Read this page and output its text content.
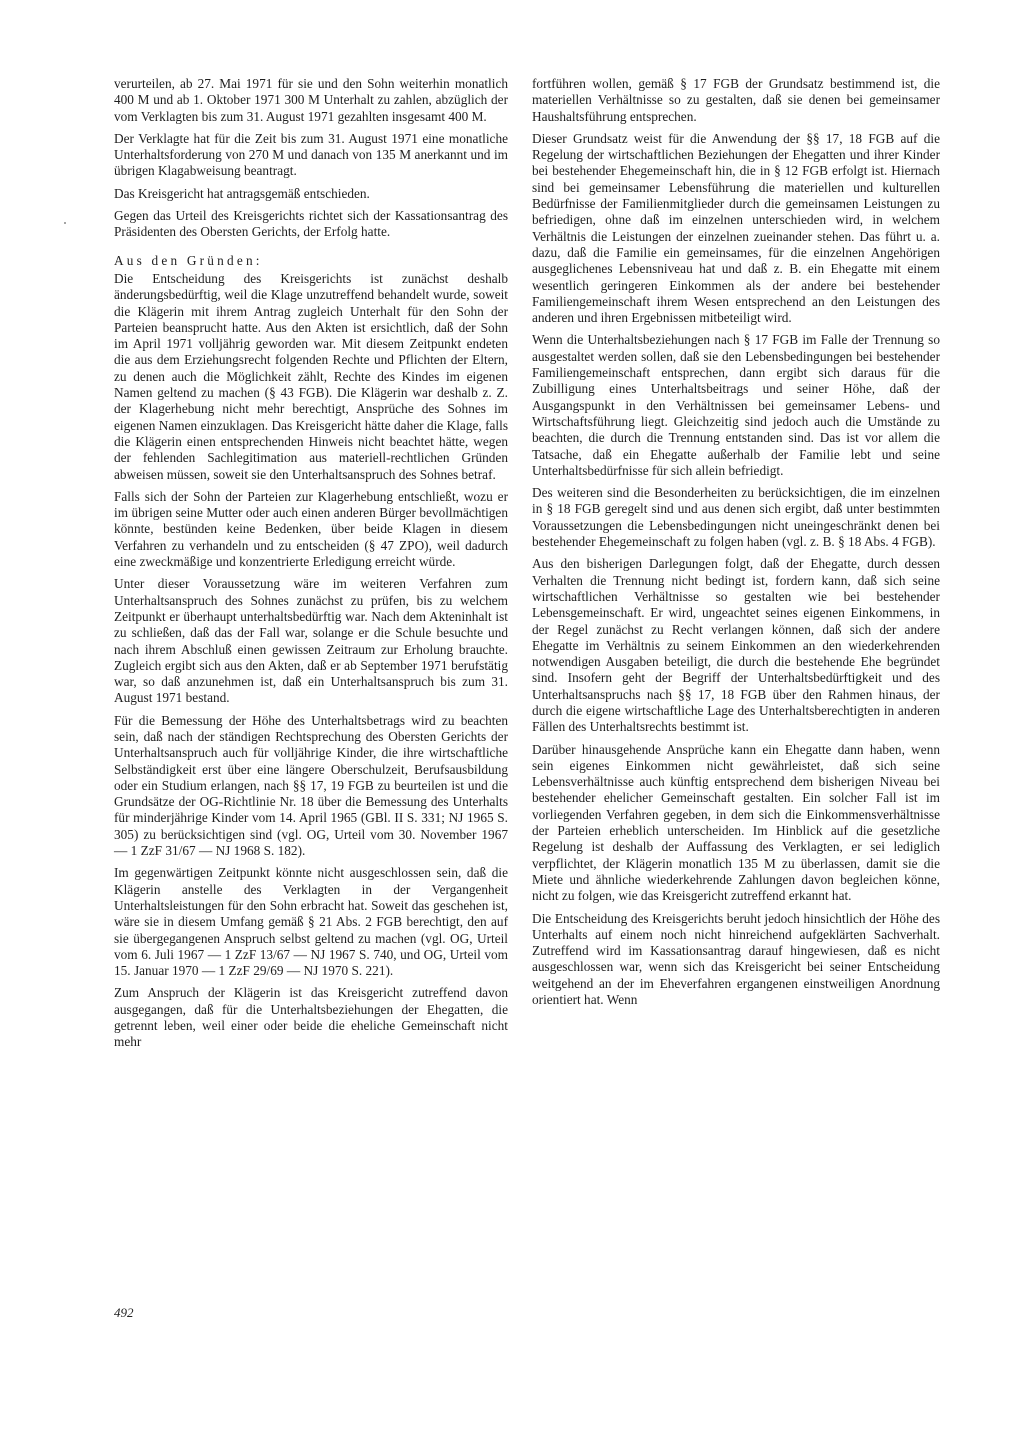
verurteilen, ab 27. Mai 1971 für sie und den Sohn weiterhin monatlich 400 M und ab 1. Oktober 1971 300 M Unterhalt zu zahlen, abzüglich der vom Verklagten bis zum 31. August 1971 gezahlten insgesamt 400 M.

Der Verklagte hat für die Zeit bis zum 31. August 1971 eine monatliche Unterhaltsforderung von 270 M und danach von 135 M anerkannt und im übrigen Klagabweisung beantragt.

Das Kreisgericht hat antragsgemäß entschieden.

Gegen das Urteil des Kreisgerichts richtet sich der Kassationsantrag des Präsidenten des Obersten Gerichts, der Erfolg hatte.

Aus den Gründen:

Die Entscheidung des Kreisgerichts ist zunächst deshalb änderungsbedürftig, weil die Klage unzutreffend behandelt wurde, soweit die Klägerin mit ihrem Antrag zugleich Unterhalt für den Sohn der Parteien beansprucht hatte. Aus den Akten ist ersichtlich, daß der Sohn im April 1971 volljährig geworden war. Mit diesem Zeitpunkt endeten die aus dem Erziehungsrecht folgenden Rechte und Pflichten der Eltern, zu denen auch die Möglichkeit zählt, Rechte des Kindes im eigenen Namen geltend zu machen (§ 43 FGB). Die Klägerin war deshalb z. Z. der Klagerhebung nicht mehr berechtigt, Ansprüche des Sohnes im eigenen Namen einzuklagen. Das Kreisgericht hätte daher die Klage, falls die Klägerin einen entsprechenden Hinweis nicht beachtet hätte, wegen der fehlenden Sachlegitimation aus materiell-rechtlichen Gründen abweisen müssen, soweit sie den Unterhaltsanspruch des Sohnes betraf.

Falls sich der Sohn der Parteien zur Klagerhebung entschließt, wozu er im übrigen seine Mutter oder auch einen anderen Bürger bevollmächtigen könnte, bestünden keine Bedenken, über beide Klagen in diesem Verfahren zu verhandeln und zu entscheiden (§ 47 ZPO), weil dadurch eine zweckmäßige und konzentrierte Erledigung erreicht würde.

Unter dieser Voraussetzung wäre im weiteren Verfahren zum Unterhaltsanspruch des Sohnes zunächst zu prüfen, bis zu welchem Zeitpunkt er überhaupt unterhaltsbedürftig war. Nach dem Akteninhalt ist zu schließen, daß das der Fall war, solange er die Schule besuchte und nach ihrem Abschluß einen gewissen Zeitraum zur Erholung brauchte. Zugleich ergibt sich aus den Akten, daß er ab September 1971 berufstätig war, so daß anzunehmen ist, daß ein Unterhaltsanspruch bis zum 31. August 1971 bestand.

Für die Bemessung der Höhe des Unterhaltsbetrags wird zu beachten sein, daß nach der ständigen Rechtsprechung des Obersten Gerichts der Unterhaltsanspruch auch für volljährige Kinder, die ihre wirtschaftliche Selbständigkeit erst über eine längere Oberschulzeit, Berufsausbildung oder ein Studium erlangen, nach §§ 17, 19 FGB zu beurteilen ist und die Grundsätze der OG-Richtlinie Nr. 18 über die Bemessung des Unterhalts für minderjährige Kinder vom 14. April 1965 (GBl. II S. 331; NJ 1965 S. 305) zu berücksichtigen sind (vgl. OG, Urteil vom 30. November 1967 — 1 ZzF 31/67 — NJ 1968 S. 182).

Im gegenwärtigen Zeitpunkt könnte nicht ausgeschlossen sein, daß die Klägerin anstelle des Verklagten in der Vergangenheit Unterhaltsleistungen für den Sohn erbracht hat. Soweit das geschehen ist, wäre sie in diesem Umfang gemäß § 21 Abs. 2 FGB berechtigt, den auf sie übergegangenen Anspruch selbst geltend zu machen (vgl. OG, Urteil vom 6. Juli 1967 — 1 ZzF 13/67 — NJ 1967 S. 740, und OG, Urteil vom 15. Januar 1970 — 1 ZzF 29/69 — NJ 1970 S. 221).

Zum Anspruch der Klägerin ist das Kreisgericht zutreffend davon ausgegangen, daß für die Unterhaltsbeziehungen der Ehegatten, die getrennt leben, weil einer oder beide die eheliche Gemeinschaft nicht mehr

fortführen wollen, gemäß § 17 FGB der Grundsatz bestimmend ist, die materiellen Verhältnisse so zu gestalten, daß sie denen bei gemeinsamer Haushaltsführung entsprechen.

Dieser Grundsatz weist für die Anwendung der §§ 17, 18 FGB auf die Regelung der wirtschaftlichen Beziehungen der Ehegatten und ihrer Kinder bei bestehender Ehegemeinschaft hin, die in § 12 FGB erfolgt ist. Hiernach sind bei gemeinsamer Lebensführung die materiellen und kulturellen Bedürfnisse der Familienmitglieder durch die gemeinsamen Leistungen zu befriedigen, ohne daß im einzelnen unterschieden wird, in welchem Verhältnis die Leistungen der einzelnen zueinander stehen. Das führt u. a. dazu, daß die Familie ein gemeinsames, für die einzelnen Angehörigen ausgeglichenes Lebensniveau hat und daß z. B. ein Ehegatte mit einem wesentlich geringeren Einkommen als der andere bei bestehender Familiengemeinschaft ihrem Wesen entsprechend an den Leistungen des anderen und ihren Ergebnissen mitbeteiligt wird.

Wenn die Unterhaltsbeziehungen nach § 17 FGB im Falle der Trennung so ausgestaltet werden sollen, daß sie den Lebensbedingungen bei bestehender Familiengemeinschaft entsprechen, dann ergibt sich daraus für die Zubilligung eines Unterhaltsbeitrags und seiner Höhe, daß der Ausgangspunkt in den Verhältnissen bei gemeinsamer Lebens- und Wirtschaftsführung liegt. Gleichzeitig sind jedoch auch die Umstände zu beachten, die durch die Trennung entstanden sind. Das ist vor allem die Tatsache, daß ein Ehegatte außerhalb der Familie lebt und seine Unterhaltsbedürfnisse für sich allein befriedigt.

Des weiteren sind die Besonderheiten zu berücksichtigen, die im einzelnen in § 18 FGB geregelt sind und aus denen sich ergibt, daß unter bestimmten Voraussetzungen die Lebensbedingungen nicht uneingeschränkt denen bei bestehender Ehegemeinschaft zu folgen haben (vgl. z. B. § 18 Abs. 4 FGB).

Aus den bisherigen Darlegungen folgt, daß der Ehegatte, durch dessen Verhalten die Trennung nicht bedingt ist, fordern kann, daß sich seine wirtschaftlichen Verhältnisse so gestalten wie bei bestehender Lebensgemeinschaft. Er wird, ungeachtet seines eigenen Einkommens, in der Regel zunächst zu Recht verlangen können, daß sich der andere Ehegatte im Verhältnis zu seinem Einkommen an den wiederkehrenden notwendigen Ausgaben beteiligt, die durch die bestehende Ehe begründet sind. Insofern geht der Begriff der Unterhaltsbedürftigkeit und des Unterhaltsanspruchs nach §§ 17, 18 FGB über den Rahmen hinaus, der durch die eigene wirtschaftliche Lage des Unterhaltsberechtigten in anderen Fällen des Unterhaltsrechts bestimmt ist.

Darüber hinausgehende Ansprüche kann ein Ehegatte dann haben, wenn sein eigenes Einkommen nicht gewährleistet, daß sich seine Lebensverhältnisse auch künftig entsprechend dem bisherigen Niveau bei bestehender ehelicher Gemeinschaft gestalten. Ein solcher Fall ist im vorliegenden Verfahren gegeben, in dem sich die Einkommensverhältnisse der Parteien erheblich unterscheiden. Im Hinblick auf die gesetzliche Regelung ist deshalb der Auffassung des Verklagten, er sei lediglich verpflichtet, der Klägerin monatlich 135 M zu überlassen, damit sie die Miete und ähnliche wiederkehrende Zahlungen davon begleichen könne, nicht zu folgen, wie das Kreisgericht zutreffend erkannt hat.

Die Entscheidung des Kreisgerichts beruht jedoch hinsichtlich der Höhe des Unterhalts auf einem noch nicht hinreichend aufgeklärten Sachverhalt. Zutreffend wird im Kassationsantrag darauf hingewiesen, daß es nicht ausgeschlossen war, wenn sich das Kreisgericht bei seiner Entscheidung weitgehend an der im Eheverfahren ergangenen einstweiligen Anordnung orientiert hat. Wenn

492
